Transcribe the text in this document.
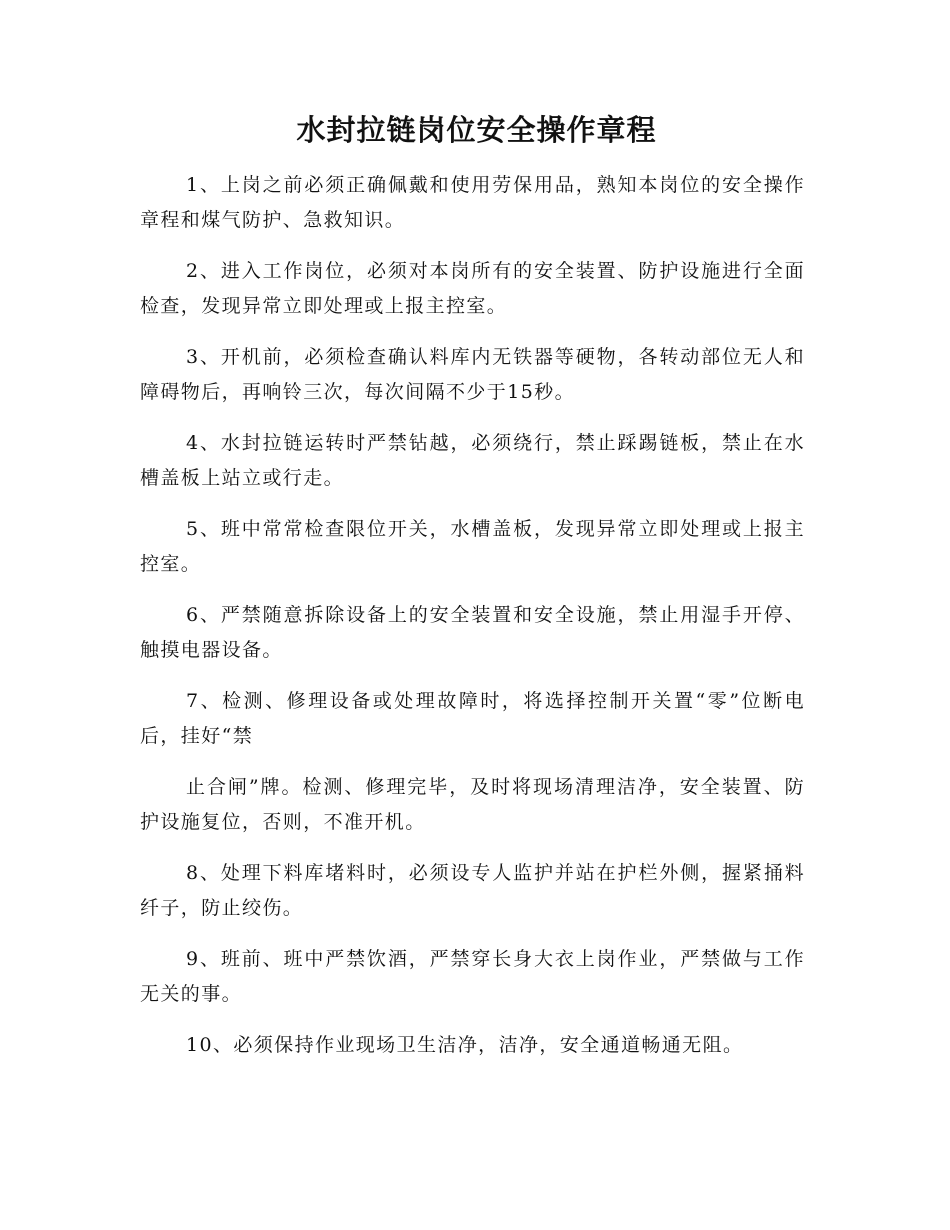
水封拉链岗位安全操作章程

1、上岗之前必须正确佩戴和使用劳保用品，熟知本岗位的安全操作章程和煤气防护、急救知识。

2、进入工作岗位，必须对本岗所有的安全装置、防护设施进行全面检查，发现异常立即处理或上报主控室。

3、开机前，必须检查确认料库内无铁器等硬物，各转动部位无人和障碍物后，再响铃三次，每次间隔不少于15秒。

4、水封拉链运转时严禁钻越，必须绕行，禁止踩踢链板，禁止在水槽盖板上站立或行走。

5、班中常常检查限位开关，水槽盖板，发现异常立即处理或上报主控室。

6、严禁随意拆除设备上的安全装置和安全设施，禁止用湿手开停、触摸电器设备。

7、检测、修理设备或处理故障时，将选择控制开关置“零”位断电后，挂好“禁

止合闸”牌。检测、修理完毕，及时将现场清理洁净，安全装置、防护设施复位，否则，不准开机。

8、处理下料库堵料时，必须设专人监护并站在护栏外侧，握紧捅料纤子，防止绞伤。

9、班前、班中严禁饮酒，严禁穿长身大衣上岗作业，严禁做与工作无关的事。

10、必须保持作业现场卫生洁净，洁净，安全通道畅通无阻。
